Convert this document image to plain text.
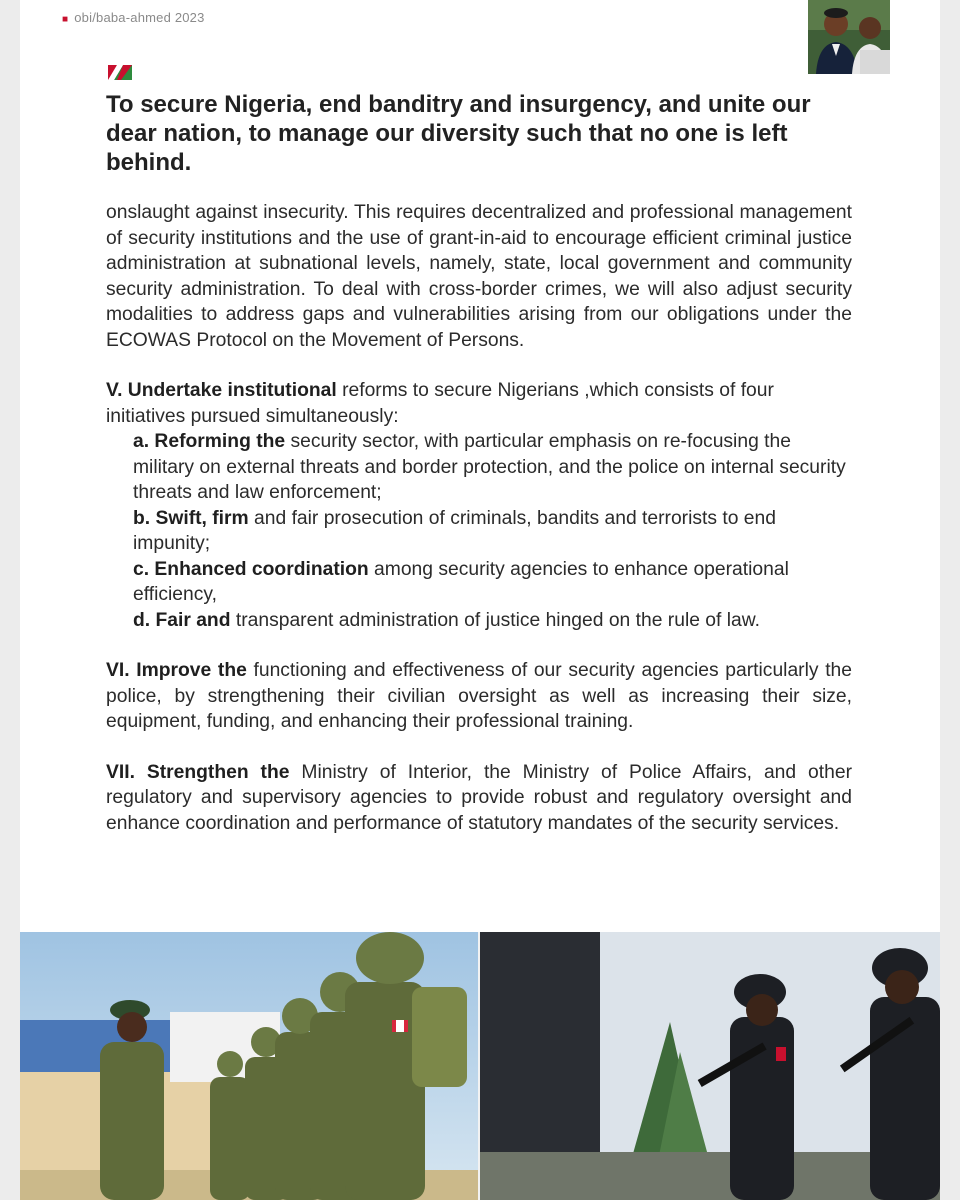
■ obi/baba-ahmed 2023
To secure Nigeria, end banditry and insurgency, and unite our dear nation, to manage our diversity such that no one is left behind.

onslaught against insecurity. This requires decentralized and professional management of security institutions and the use of grant-in-aid to encourage efficient criminal justice administration at subnational levels, namely, state, local government and community security administration. To deal with cross-border crimes, we will also adjust security modalities to address gaps and vulnerabilities arising from our obligations under the ECOWAS Protocol on the Movement of Persons.

V. Undertake institutional reforms to secure Nigerians ,which consists of four initiatives pursued simultaneously:

a. Reforming the security sector, with particular emphasis on re-focusing the military on external threats and border protection, and the police on internal security threats and law enforcement;

b. Swift, firm and fair prosecution of criminals, bandits and terrorists to end impunity;

c. Enhanced coordination among security agencies to enhance operational efficiency,

d. Fair and transparent administration of justice hinged on the rule of law.

VI. Improve the functioning and effectiveness of our security agencies particularly the police, by strengthening their civilian oversight as well as increasing their size, equipment, funding, and enhancing their professional training.

VII. Strengthen the Ministry of Interior, the Ministry of Police Affairs, and other regulatory and supervisory agencies to provide robust and regulatory oversight and enhance coordination and performance of statutory mandates of the security services.
